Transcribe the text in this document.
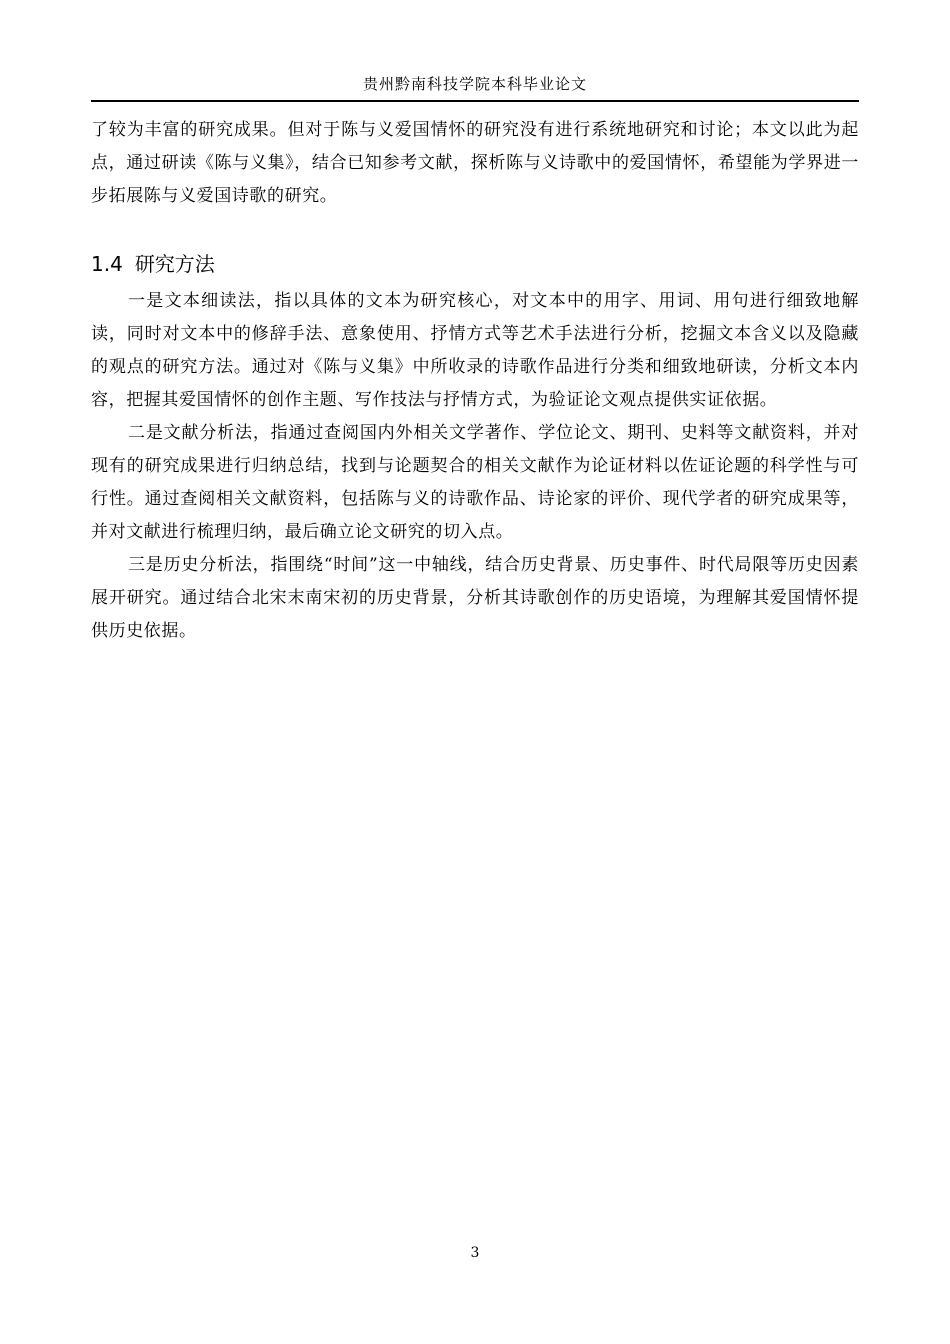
贵州黔南科技学院本科毕业论文

了较为丰富的研究成果。但对于陈与义爱国情怀的研究没有进行系统地研究和讨论；本文以此为起点，通过研读《陈与义集》，结合已知参考文献，探析陈与义诗歌中的爱国情怀，希望能为学界进一步拓展陈与义爱国诗歌的研究。

1.4 研究方法

一是文本细读法，指以具体的文本为研究核心，对文本中的用字、用词、用句进行细致地解读，同时对文本中的修辞手法、意象使用、抒情方式等艺术手法进行分析，挖掘文本含义以及隐藏的观点的研究方法。通过对《陈与义集》中所收录的诗歌作品进行分类和细致地研读，分析文本内容，把握其爱国情怀的创作主题、写作技法与抒情方式，为验证论文观点提供实证依据。

二是文献分析法，指通过查阅国内外相关文学著作、学位论文、期刊、史料等文献资料，并对现有的研究成果进行归纳总结，找到与论题契合的相关文献作为论证材料以佐证论题的科学性与可行性。通过查阅相关文献资料，包括陈与义的诗歌作品、诗论家的评价、现代学者的研究成果等，并对文献进行梳理归纳，最后确立论文研究的切入点。

三是历史分析法，指围绕“时间”这一中轴线，结合历史背景、历史事件、时代局限等历史因素展开研究。通过结合北宋末南宋初的历史背景，分析其诗歌创作的历史语境，为理解其爱国情怀提供历史依据。

3
